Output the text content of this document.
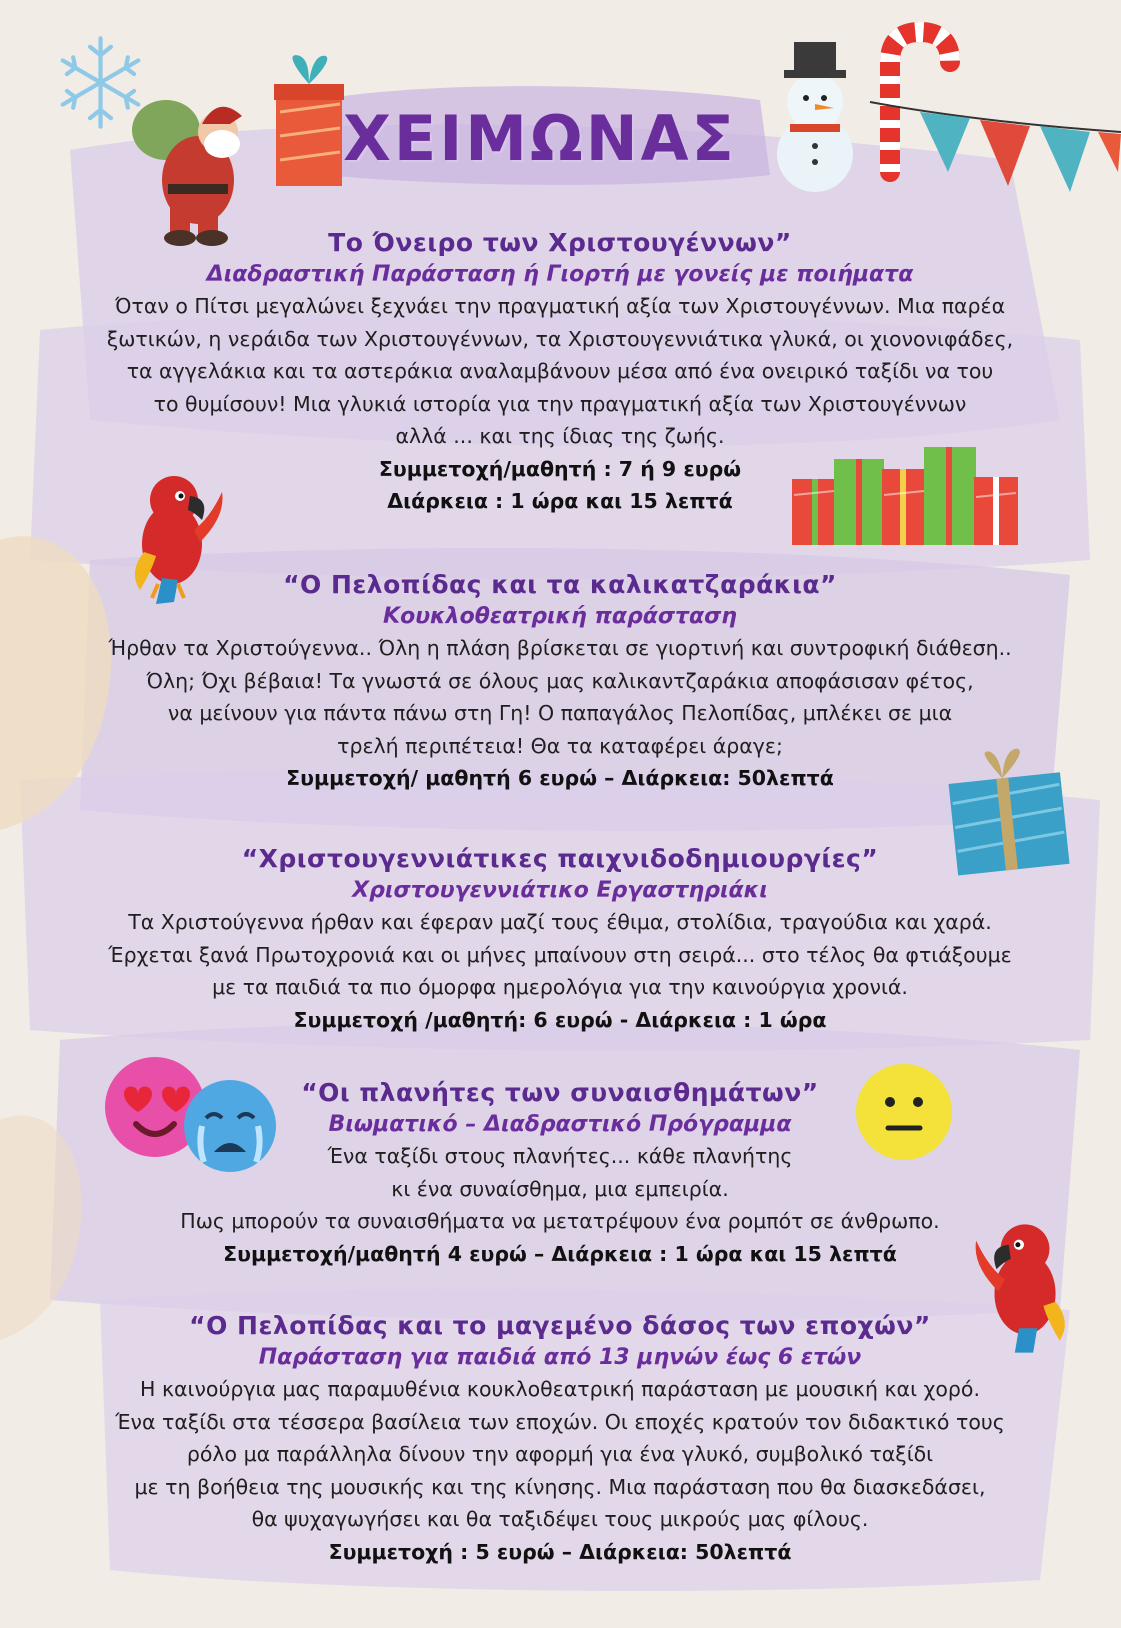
ΧΕΙΜΩΝΑΣ
Το Όνειρο των Χριστουγέννων”
Διαδραστική Παράσταση ή Γιορτή με γονείς με ποιήματα
Όταν ο Πίτσι μεγαλώνει ξεχνάει την πραγματική αξία των Χριστουγέννων. Μια παρέα
ξωτικών, η νεράιδα των Χριστουγέννων, τα Χριστουγεννιάτικα γλυκά, οι χιονονιφάδες,
τα αγγελάκια και τα αστεράκια αναλαμβάνουν μέσα από ένα ονειρικό ταξίδι να του
το θυμίσουν! Μια γλυκιά ιστορία για την πραγματική αξία των Χριστουγέννων
αλλά ... και της ίδιας της ζωής.
Συμμετοχή/μαθητή : 7 ή 9 ευρώ
Διάρκεια : 1 ώρα και 15 λεπτά
“Ο Πελοπίδας και τα καλικατζαράκια”
Κουκλοθεατρική παράσταση
Ήρθαν τα Χριστούγεννα.. Όλη η πλάση βρίσκεται σε γιορτινή και συντροφική διάθεση..
Όλη; Όχι βέβαια! Τα γνωστά σε όλους μας καλικαντζαράκια αποφάσισαν φέτος,
να μείνουν για πάντα πάνω στη Γη! Ο παπαγάλος Πελοπίδας, μπλέκει σε μια
τρελή περιπέτεια! Θα τα καταφέρει άραγε;
Συμμετοχή/ μαθητή 6 ευρώ – Διάρκεια: 50λεπτά
“Χριστουγεννιάτικες παιχνιδοδημιουργίες”
Χριστουγεννιάτικο Εργαστηριάκι
Τα Χριστούγεννα ήρθαν και έφεραν μαζί τους έθιμα, στολίδια, τραγούδια και χαρά.
Έρχεται ξανά Πρωτοχρονιά και οι μήνες μπαίνουν στη σειρά... στο τέλος θα φτιάξουμε
με τα παιδιά τα πιο όμορφα ημερολόγια για την καινούργια χρονιά.
Συμμετοχή /μαθητή: 6 ευρώ - Διάρκεια : 1 ώρα
“Οι πλανήτες των συναισθημάτων”
Βιωματικό – Διαδραστικό Πρόγραμμα
Ένα ταξίδι στους πλανήτες... κάθε πλανήτης
κι ένα συναίσθημα, μια εμπειρία.
Πως μπορούν τα συναισθήματα να μετατρέψουν ένα ρομπότ σε άνθρωπο.
Συμμετοχή/μαθητή 4 ευρώ – Διάρκεια : 1 ώρα και 15 λεπτά
“Ο Πελοπίδας και το μαγεμένο δάσος των εποχών”
Παράσταση για παιδιά από 13 μηνών έως 6 ετών
Η καινούργια μας παραμυθένια κουκλοθεατρική παράσταση με μουσική και χορό.
Ένα ταξίδι στα τέσσερα βασίλεια των εποχών. Οι εποχές κρατούν τον διδακτικό τους
ρόλο μα παράλληλα δίνουν την αφορμή για ένα γλυκό, συμβολικό ταξίδι
με τη βοήθεια της μουσικής και της κίνησης. Μια παράσταση που θα διασκεδάσει,
θα ψυχαγωγήσει και θα ταξιδέψει τους μικρούς μας φίλους.
Συμμετοχή : 5 ευρώ – Διάρκεια: 50λεπτά
